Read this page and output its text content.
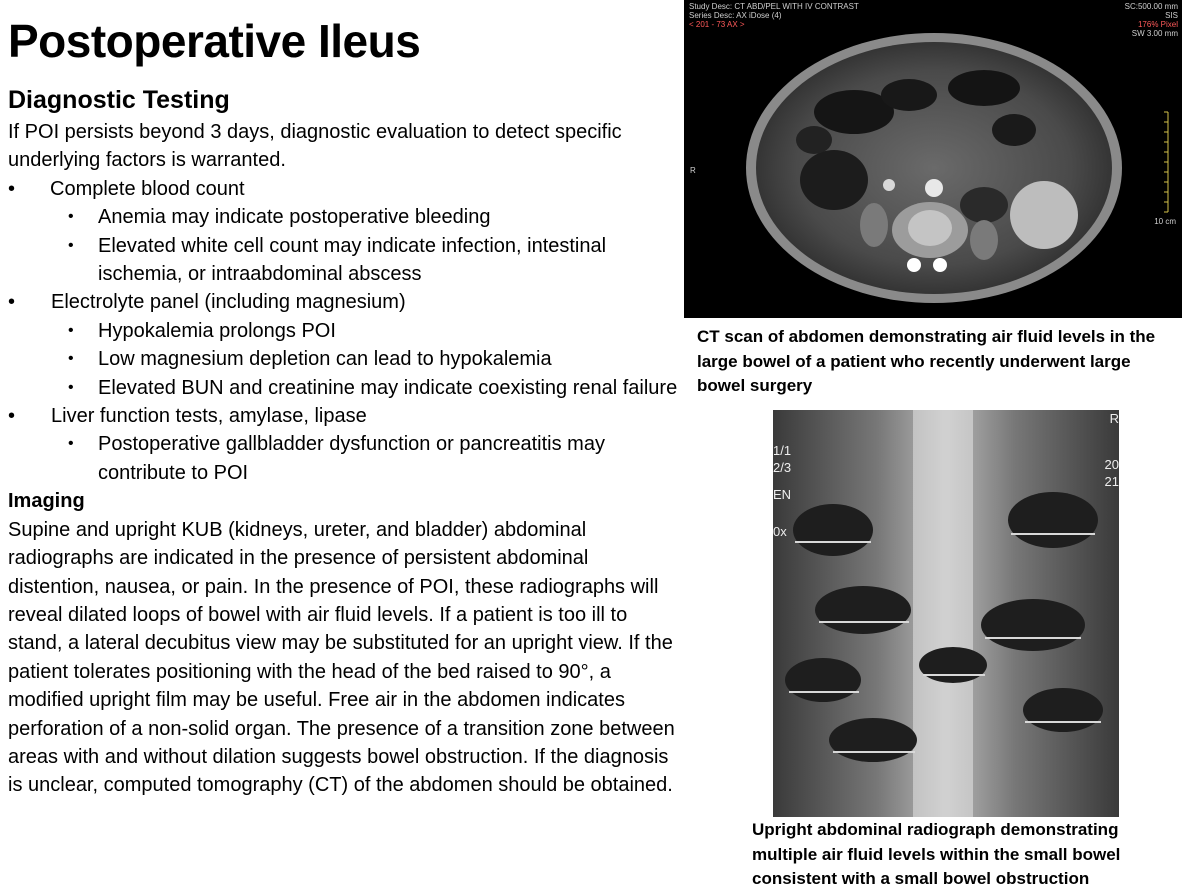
Postoperative Ileus
Diagnostic Testing

If POI persists beyond 3 days, diagnostic evaluation to detect specific underlying factors is warranted.

• Complete blood count

• Anemia may indicate postoperative bleeding

• Elevated white cell count may indicate infection, intestinal ischemia, or intraabdominal abscess

• Electrolyte panel (including magnesium)

• Hypokalemia prolongs POI

• Low magnesium depletion can lead to hypokalemia

• Elevated BUN and creatinine may indicate coexisting renal failure

• Liver function tests, amylase, lipase

• Postoperative gallbladder dysfunction or pancreatitis may contribute to POI

Imaging

Supine and upright KUB (kidneys, ureter, and bladder) abdominal radiographs are indicated in the presence of persistent abdominal distention, nausea, or pain. In the presence of POI, these radiographs will reveal dilated loops of bowel with air fluid levels. If a patient is too ill to stand, a lateral decubitus view may be substituted for an upright view. If the patient tolerates positioning with the head of the bed raised to 90°, a modified upright film may be useful. Free air in the abdomen indicates perforation of a non-solid organ. The presence of a transition zone between areas with and without dilation suggests bowel obstruction. If the diagnosis is unclear, computed tomography (CT) of the abdomen should be obtained.

Study Desc: CT ABD/PEL WITH IV CONTRAST
Series Desc: AX iDose (4)
< 201 - 73 AX >
SC:500.00 mm
SIS
176% Pixel
SW 3.00 mm
R
10 cm
CT scan of abdomen demonstrating air fluid levels in the large bowel of a patient who recently underwent large bowel surgery
1/1
2/3
EN
0x
R
20
21
Upright abdominal radiograph demonstrating multiple air fluid levels within the small bowel consistent with a small bowel obstruction
